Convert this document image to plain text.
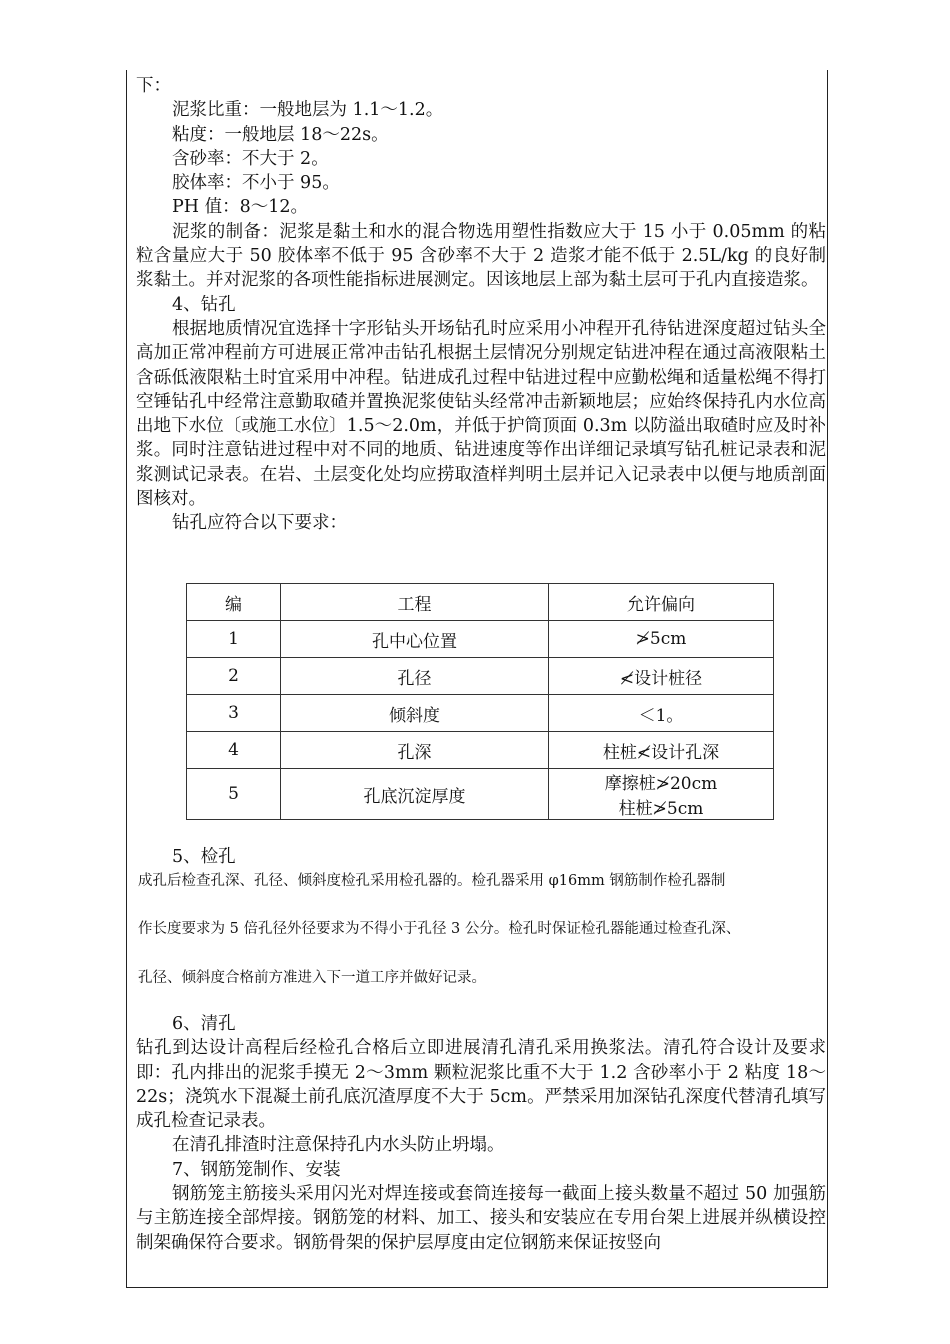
下：

泥浆比重：一般地层为 1.1～1.2。

粘度：一般地层 18～22s。

含砂率：不大于 2。

胶体率：不小于 95。

PH 值：8～12。

泥浆的制备：泥浆是黏土和水的混合物选用塑性指数应大于 15 小于 0.05mm 的粘粒含量应大于 50 胶体率不低于 95 含砂率不大于 2 造浆才能不低于 2.5L/kg 的良好制浆黏土。并对泥浆的各项性能指标进展测定。因该地层上部为黏土层可于孔内直接造浆。

4、钻孔

根据地质情况宜选择十字形钻头开场钻孔时应采用小冲程开孔待钻进深度超过钻头全高加正常冲程前方可进展正常冲击钻孔根据土层情况分别规定钻进冲程在通过高液限粘土含砾低液限粘土时宜采用中冲程。钻进成孔过程中钻进过程中应勤松绳和适量松绳不得打空锤钻孔中经常注意勤取碴并置换泥浆使钻头经常冲击新颖地层；应始终保持孔内水位高出地下水位〔或施工水位〕1.5～2.0m，并低于护筒顶面 0.3m 以防溢出取碴时应及时补浆。同时注意钻进过程中对不同的地质、钻进速度等作出详细记录填写钻孔桩记录表和泥浆测试记录表。在岩、土层变化处均应捞取渣样判明土层并记入记录表中以便与地质剖面图核对。

钻孔应符合以下要求：

编	工程	允许偏向
1	孔中心位置	≯5cm
2	孔径	≮设计桩径
3	倾斜度	＜1。
4	孔深	柱桩≮设计孔深
5	孔底沉淀厚度	摩擦桩≯20cm
柱桩≯5cm

5、检孔

成孔后检查孔深、孔径、倾斜度检孔采用检孔器的。检孔器采用 φ16mm 钢筋制作检孔器制

作长度要求为 5 倍孔径外径要求为不得小于孔径 3 公分。检孔时保证检孔器能通过检查孔深、

孔径、倾斜度合格前方准进入下一道工序并做好记录。

6、清孔

钻孔到达设计高程后经检孔合格后立即进展清孔清孔采用换浆法。清孔符合设计及要求即：孔内排出的泥浆手摸无 2～3mm 颗粒泥浆比重不大于 1.2 含砂率小于 2 粘度 18～22s；浇筑水下混凝土前孔底沉渣厚度不大于 5cm。严禁采用加深钻孔深度代替清孔填写成孔检查记录表。

在清孔排渣时注意保持孔内水头防止坍塌。

7、钢筋笼制作、安装

钢筋笼主筋接头采用闪光对焊连接或套筒连接每一截面上接头数量不超过 50 加强筋与主筋连接全部焊接。钢筋笼的材料、加工、接头和安装应在专用台架上进展并纵横设控制架确保符合要求。钢筋骨架的保护层厚度由定位钢筋来保证按竖向
